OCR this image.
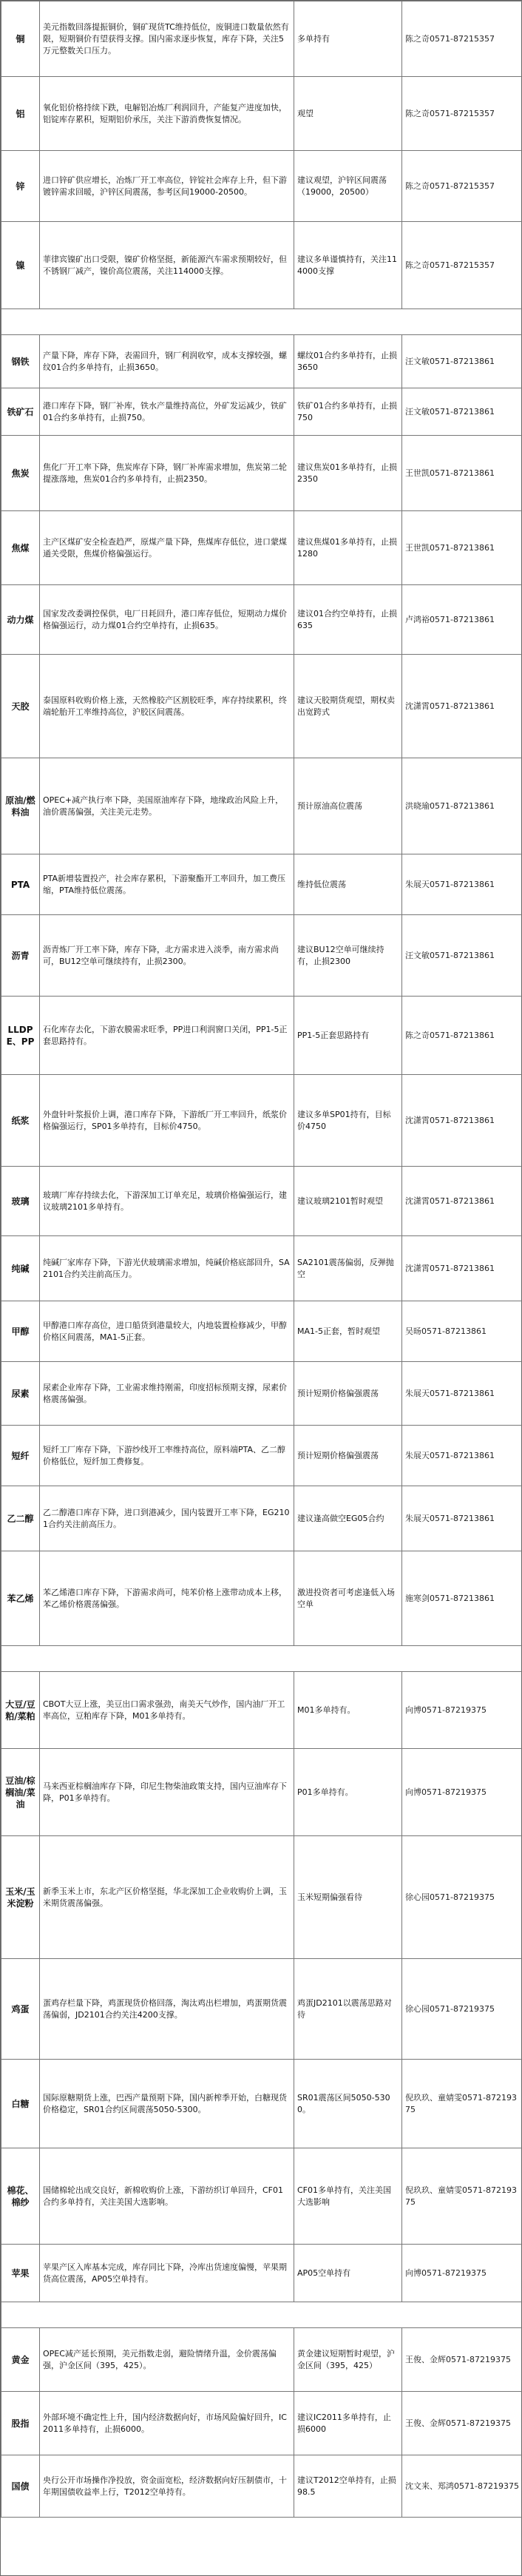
铜	美元指数回落提振铜价，铜矿现货TC维持低位，废铜进口数量依然有限，短期铜价有望获得支撑。国内需求逐步恢复，库存下降，关注5万元整数关口压力。	多单持有	陈之奇0571-87215357
铝	氧化铝价格持续下跌，电解铝冶炼厂利润回升，产能复产进度加快，铝锭库存累积，短期铝价承压，关注下游消费恢复情况。	观望	陈之奇0571-87215357
锌	进口锌矿供应增长，冶炼厂开工率高位，锌锭社会库存上升，但下游镀锌需求回暖，沪锌区间震荡，参考区间19000-20500。	建议观望，沪锌区间震荡（19000，20500）	陈之奇0571-87215357
镍	菲律宾镍矿出口受限，镍矿价格坚挺，新能源汽车需求预期较好，但不锈钢厂减产，镍价高位震荡，关注114000支撑。	建议多单谨慎持有，关注114000支撑	陈之奇0571-87215357

钢铁	产量下降，库存下降，表需回升，钢厂利润收窄，成本支撑较强，螺纹01合约多单持有，止损3650。	螺纹01合约多单持有，止损3650	汪文敏0571-87213861
铁矿石	港口库存下降，钢厂补库，铁水产量维持高位，外矿发运减少，铁矿01合约多单持有，止损750。	铁矿01合约多单持有，止损750	汪文敏0571-87213861
焦炭	焦化厂开工率下降，焦炭库存下降，钢厂补库需求增加，焦炭第二轮提涨落地，焦炭01合约多单持有，止损2350。	建议焦炭01多单持有，止损2350	王世凯0571-87213861
焦煤	主产区煤矿安全检查趋严，原煤产量下降，焦煤库存低位，进口蒙煤通关受限，焦煤价格偏强运行。	建议焦煤01多单持有，止损1280	王世凯0571-87213861
动力煤	国家发改委调控保供，电厂日耗回升，港口库存低位，短期动力煤价格偏强运行，动力煤01合约空单持有，止损635。	建议01合约空单持有，止损635	卢鸿裕0571-87213861
天胶	泰国原料收购价格上涨，天然橡胶产区割胶旺季，库存持续累积，终端轮胎开工率维持高位，沪胶区间震荡。	建议天胶期货观望，期权卖出宽跨式	沈潇霄0571-87213861
原油/燃料油	OPEC+减产执行率下降，美国原油库存下降，地缘政治风险上升，油价震荡偏强，关注美元走势。	预计原油高位震荡	洪晓瑜0571-87213861
PTA	PTA新增装置投产，社会库存累积，下游聚酯开工率回升，加工费压缩，PTA维持低位震荡。	维持低位震荡	朱展天0571-87213861
沥青	沥青炼厂开工率下降，库存下降，北方需求进入淡季，南方需求尚可，BU12空单可继续持有，止损2300。	建议BU12空单可继续持有，止损2300	汪文敏0571-87213861
LLDPE、PP	石化库存去化，下游农膜需求旺季，PP进口利润窗口关闭，PP1-5正套思路持有。	PP1-5正套思路持有	陈之奇0571-87213861
纸浆	外盘针叶浆报价上调，港口库存下降，下游纸厂开工率回升，纸浆价格偏强运行，SP01多单持有，目标价4750。	建议多单SP01持有，目标价4750	沈潇霄0571-87213861
玻璃	玻璃厂库存持续去化，下游深加工订单充足，玻璃价格偏强运行，建议玻璃2101多单持有。	建议玻璃2101暂时观望	沈潇霄0571-87213861
纯碱	纯碱厂家库存下降，下游光伏玻璃需求增加，纯碱价格底部回升，SA2101合约关注前高压力。	SA2101震荡偏弱，反弹抛空	沈潇霄0571-87213861
甲醇	甲醇港口库存高位，进口船货到港量较大，内地装置检修减少，甲醇价格区间震荡，MA1-5正套。	MA1-5正套，暂时观望	吴旸0571-87213861
尿素	尿素企业库存下降，工业需求维持刚需，印度招标预期支撑，尿素价格震荡偏强。	预计短期价格偏强震荡	朱展天0571-87213861
短纤	短纤工厂库存下降，下游纱线开工率维持高位，原料端PTA、乙二醇价格低位，短纤加工费修复。	预计短期价格偏强震荡	朱展天0571-87213861
乙二醇	乙二醇港口库存下降，进口到港减少，国内装置开工率下降，EG2101合约关注前高压力。	建议逢高做空EG05合约	朱展天0571-87213861
苯乙烯	苯乙烯港口库存下降，下游需求尚可，纯苯价格上涨带动成本上移，苯乙烯价格震荡偏强。	激进投资者可考虑逢低入场空单	施寒剑0571-87213861

大豆/豆粕/菜粕	CBOT大豆上涨，美豆出口需求强劲，南美天气炒作，国内油厂开工率高位，豆粕库存下降，M01多单持有。	M01多单持有。	向博0571-87219375
豆油/棕榈油/菜油	马来西亚棕榈油库存下降，印尼生物柴油政策支持，国内豆油库存下降，P01多单持有。	P01多单持有。	向博0571-87219375
玉米/玉米淀粉	新季玉米上市，东北产区价格坚挺，华北深加工企业收购价上调，玉米期货震荡偏强。	玉米短期偏强看待	徐心园0571-87219375
鸡蛋	蛋鸡存栏量下降，鸡蛋现货价格回落，淘汰鸡出栏增加，鸡蛋期货震荡偏弱，JD2101合约关注4200支撑。	鸡蛋JD2101以震荡思路对待	徐心园0571-87219375
白糖	国际原糖期货上涨，巴西产量预期下降，国内新榨季开始，白糖现货价格稳定，SR01合约区间震荡5050-5300。	SR01震荡区间5050-5300。	倪玖玖、童婧雯0571-87219375
棉花、棉纱	国储棉轮出成交良好，新棉收购价上涨，下游纺织订单回升，CF01合约多单持有，关注美国大选影响。	CF01多单持有，关注美国大选影响	倪玖玖、童婧雯0571-87219375
苹果	苹果产区入库基本完成，库存同比下降，冷库出货速度偏慢，苹果期货高位震荡，AP05空单持有。	AP05空单持有	向博0571-87219375

黄金	OPEC减产延长预期，美元指数走弱，避险情绪升温，金价震荡偏强，沪金区间（395，425）。	黄金建议短期暂时观望，沪金区间（395，425）	王俊、金辉0571-87219375
股指	外部环境不确定性上升，国内经济数据向好，市场风险偏好回升，IC2011多单持有，止损6000。	建议IC2011多单持有，止损6000	王俊、金辉0571-87219375
国债	央行公开市场操作净投放，资金面宽松，经济数据向好压制债市，十年期国债收益率上行，T2012空单持有。	建议T2012空单持有，止损98.5	沈文来、郑鸿0571-87219375
